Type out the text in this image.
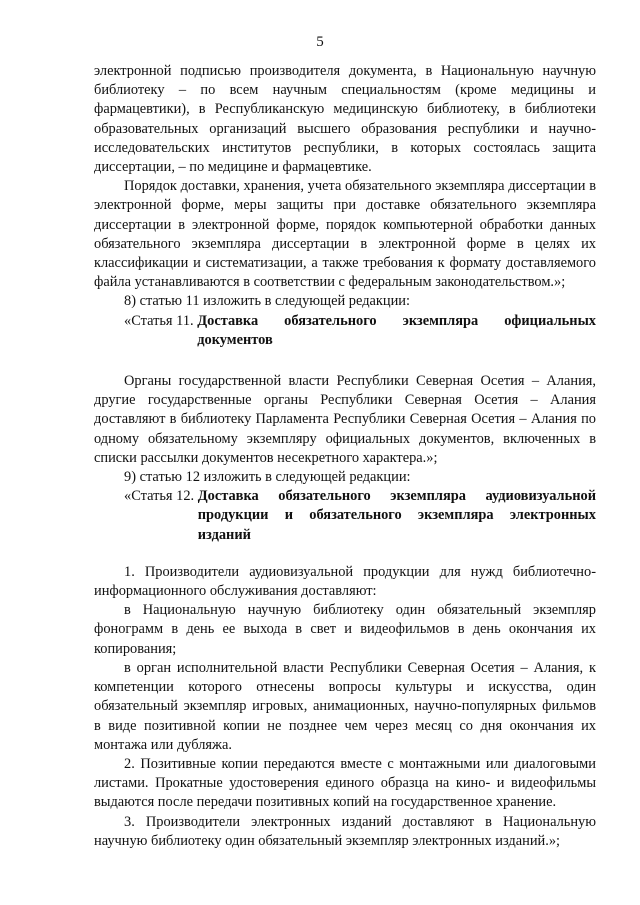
5

электронной подписью производителя документа, в Национальную научную библиотеку – по всем научным специальностям (кроме медицины и фармацевтики), в Республиканскую медицинскую библиотеку, в библиотеки образовательных организаций высшего образования республики и научно-исследовательских институтов республики, в которых состоялась защита диссертации, – по медицине и фармацевтике.

Порядок доставки, хранения, учета обязательного экземпляра диссертации в электронной форме, меры защиты при доставке обязательного экземпляра диссертации в электронной форме, порядок компьютерной обработки данных обязательного экземпляра диссертации в электронной форме в целях их классификации и систематизации, а также требования к формату доставляемого файла устанавливаются в соответствии с федеральным законодательством.»;

8) статью 11 изложить в следующей редакции:

«Статья 11. Доставка обязательного экземпляра официальных документов

Органы государственной власти Республики Северная Осетия – Алания, другие государственные органы Республики Северная Осетия – Алания доставляют в библиотеку Парламента Республики Северная Осетия – Алания по одному обязательному экземпляру официальных документов, включенных в списки рассылки документов несекретного характера.»;

9) статью 12 изложить в следующей редакции:

«Статья 12. Доставка обязательного экземпляра аудиовизуальной продукции и обязательного экземпляра электронных изданий

1. Производители аудиовизуальной продукции для нужд библиотечно-информационного обслуживания доставляют:

в Национальную научную библиотеку один обязательный экземпляр фонограмм в день ее выхода в свет и видеофильмов в день окончания их копирования;

в орган исполнительной власти Республики Северная Осетия – Алания, к компетенции которого отнесены вопросы культуры и искусства, один обязательный экземпляр игровых, анимационных, научно-популярных фильмов в виде позитивной копии не позднее чем через месяц со дня окончания их монтажа или дубляжа.

2. Позитивные копии передаются вместе с монтажными или диалоговыми листами. Прокатные удостоверения единого образца на кино- и видеофильмы выдаются после передачи позитивных копий на государственное хранение.

3. Производители электронных изданий доставляют в Национальную научную библиотеку один обязательный экземпляр электронных изданий.»;
